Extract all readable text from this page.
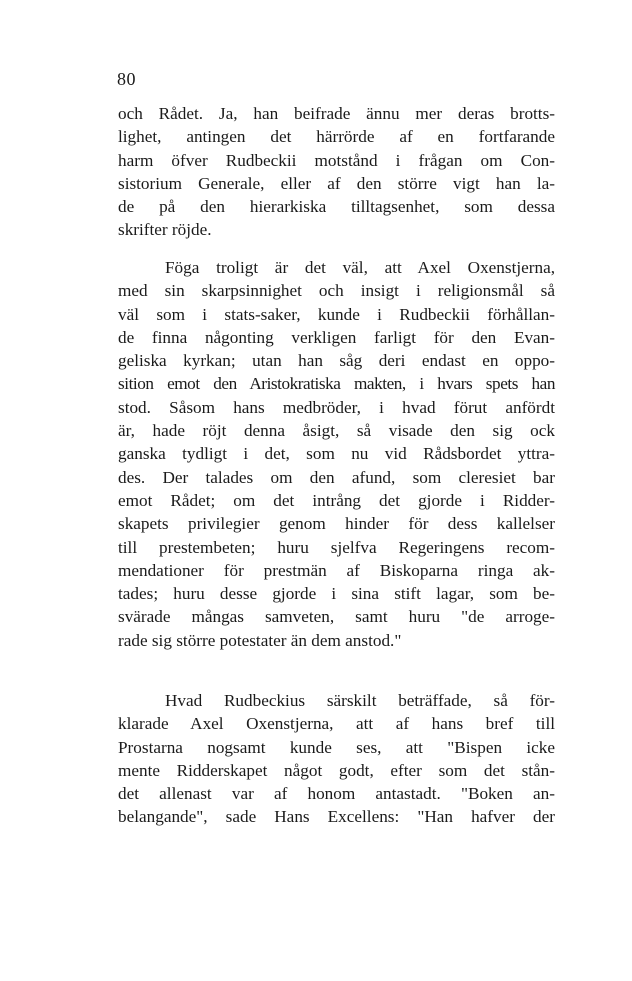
80
och Rådet. Ja, han beifrade ännu mer deras brotts-
lighet, antingen det härrörde af en fortfarande
harm öfver Rudbeckii motstånd i frågan om Con-
sistorium Generale, eller af den större vigt han la-
de på den hierarkiska tilltagsenhet, som dessa
skrifter röjde.
Föga troligt är det väl, att Axel Oxenstjerna,
med sin skarpsinnighet och insigt i religionsmål så
väl som i stats-saker, kunde i Rudbeckii förhållan-
de finna någonting verkligen farligt för den Evan-
geliska kyrkan; utan han såg deri endast en oppo-
sition emot den Aristokratiska makten, i hvars spets han
stod. Såsom hans medbröder, i hvad förut anfördt
är, hade röjt denna åsigt, så visade den sig ock
ganska tydligt i det, som nu vid Rådsbordet yttra-
des. Der talades om den afund, som cleresiet bar
emot Rådet; om det intrång det gjorde i Ridder-
skapets privilegier genom hinder för dess kallelser
till prestembeten; huru sjelfva Regeringens recom-
mendationer för prestmän af Biskoparna ringa ak-
tades; huru desse gjorde i sina stift lagar, som be-
svärade mångas samveten, samt huru "de arroge-
rade sig större potestater än dem anstod."
Hvad Rudbeckius särskilt beträffade, så för-
klarade Axel Oxenstjerna, att af hans bref till
Prostarna nogsamt kunde ses, att "Bispen icke
mente Ridderskapet något godt, efter som det stån-
det allenast var af honom antastadt. "Boken an-
belangande", sade Hans Excellens: "Han hafver der
